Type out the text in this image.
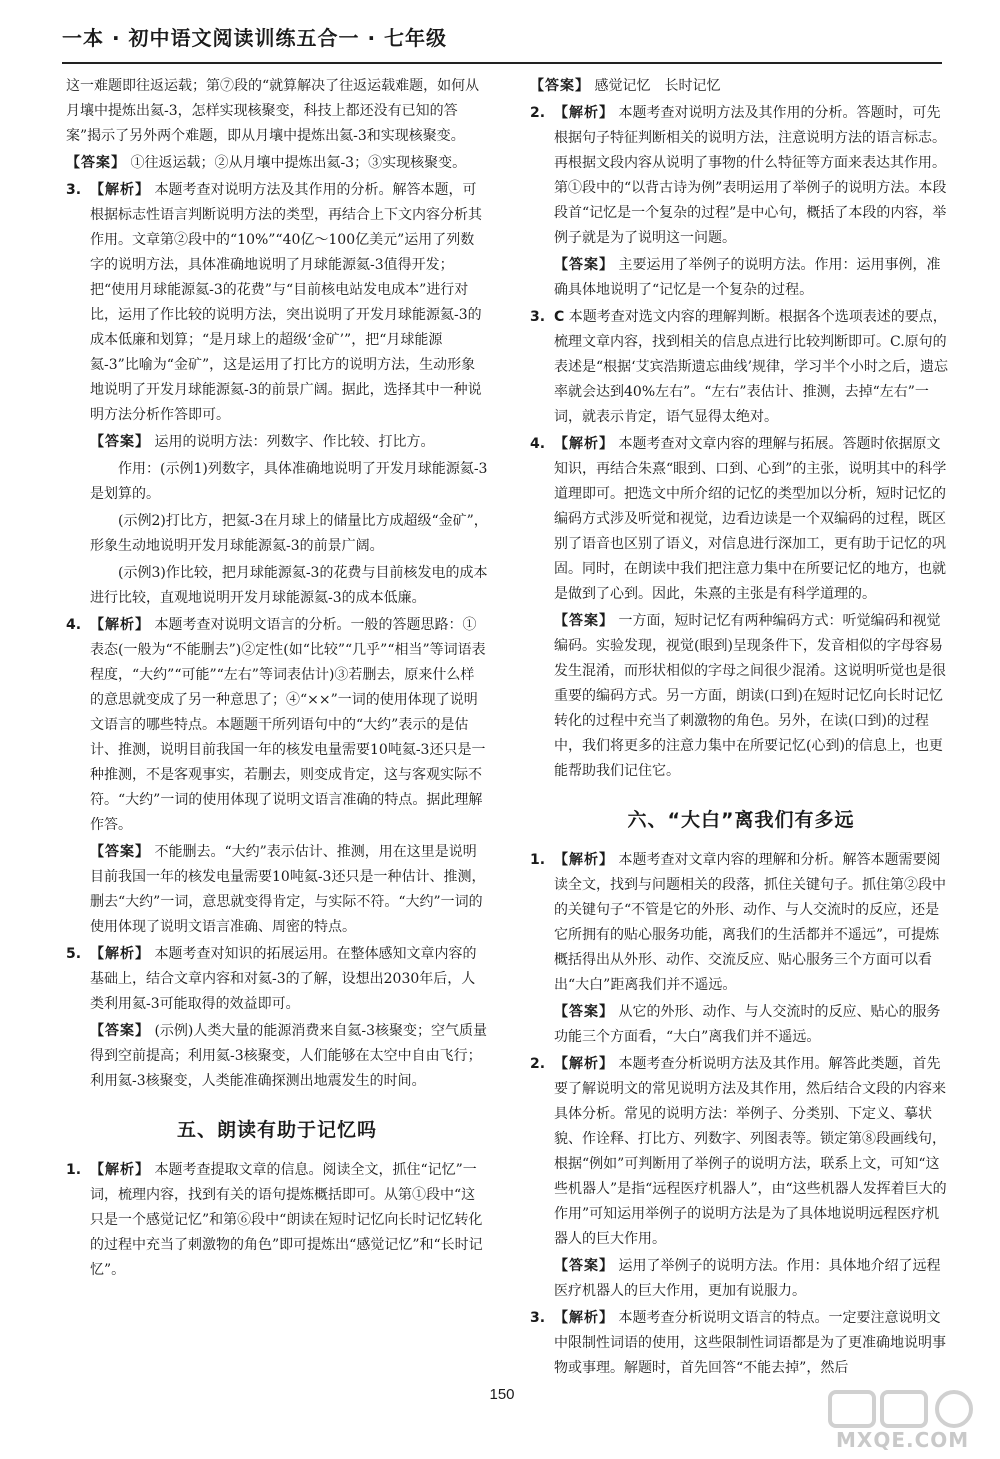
一本 · 初中语文阅读训练五合一 · 七年级

这一难题即往返运载；第⑦段的“就算解决了往返运载难题，如何从月壤中提炼出氦-3，怎样实现核聚变，科技上都还没有已知的答案”揭示了另外两个难题，即从月壤中提炼出氦-3和实现核聚变。

【 答案 】 ①往返运载；②从月壤中提炼出氦-3；③实现核聚变。

3.	【 解析 】 本题考查对说明方法及其作用的分析。解答本题，可根据标志性语言判断说明方法的类型，再结合上下文内容分析其作用。文章第②段中的“10%”“40亿～100亿美元”运用了列数字的说明方法，具体准确地说明了月球能源氦-3值得开发；把“使用月球能源氦-3的花费”与“目前核电站发电成本”进行对比，运用了作比较的说明方法，突出说明了开发月球能源氦-3的成本低廉和划算；“是月球上的超级‘金矿’”，把“月球能源氦-3”比喻为“金矿”，这是运用了打比方的说明方法，生动形象地说明了开发月球能源氦-3的前景广阔。据此，选择其中一种说明方法分析作答即可。

【 答案 】 运用的说明方法：列数字、作比较、打比方。

作用：(示例1)列数字，具体准确地说明了开发月球能源氦-3是划算的。

(示例2)打比方，把氦-3在月球上的储量比方成超级“金矿”，形象生动地说明开发月球能源氦-3的前景广阔。

(示例3)作比较，把月球能源氦-3的花费与目前核发电的成本进行比较，直观地说明开发月球能源氦-3的成本低廉。

4.	【 解析 】 本题考查对说明文语言的分析。一般的答题思路：①表态(一般为“不能删去”)②定性(如“比较”“几乎”“相当”等词语表程度，“大约”“可能”“左右”等词表估计)③若删去，原来什么样的意思就变成了另一种意思了；④“××”一词的使用体现了说明文语言的哪些特点。本题题干所列语句中的“大约”表示的是估计、推测，说明目前我国一年的核发电量需要10吨氦-3还只是一种推测，不是客观事实，若删去，则变成肯定，这与客观实际不符。“大约”一词的使用体现了说明文语言准确的特点。据此理解作答。

【 答案 】 不能删去。“大约”表示估计、推测，用在这里是说明目前我国一年的核发电量需要10吨氦-3还只是一种估计、推测，删去“大约”一词，意思就变得肯定，与实际不符。“大约”一词的使用体现了说明文语言准确、周密的特点。

5.	【 解析 】 本题考查对知识的拓展运用。在整体感知文章内容的基础上，结合文章内容和对氦-3的了解，设想出2030年后，人类利用氦-3可能取得的效益即可。

【 答案 】 (示例)人类大量的能源消费来自氦-3核聚变；空气质量得到空前提高；利用氦-3核聚变，人们能够在太空中自由飞行；利用氦-3核聚变，人类能准确探测出地震发生的时间。

五、朗读有助于记忆吗
1.	【 解析 】 本题考查提取文章的信息。阅读全文，抓住“记忆”一词，梳理内容，找到有关的语句提炼概括即可。从第①段中“这只是一个感觉记忆”和第⑥段中“朗读在短时记忆向长时记忆转化的过程中充当了刺激物的角色”即可提炼出“感觉记忆”和“长时记忆”。

【 答案 】 感觉记忆　长时记忆

2.	【 解析 】 本题考查对说明方法及其作用的分析。答题时，可先根据句子特征判断相关的说明方法，注意说明方法的语言标志。再根据文段内容从说明了事物的什么特征等方面来表达其作用。第①段中的“以背古诗为例”表明运用了举例子的说明方法。本段段首“记忆是一个复杂的过程”是中心句，概括了本段的内容，举例子就是为了说明这一问题。

【 答案 】 主要运用了举例子的说明方法。作用：运用事例，准确具体地说明了“记忆是一个复杂的过程。

3. C 本题考查对选文内容的理解判断。根据各个选项表述的要点，梳理文章内容，找到相关的信息点进行比较判断即可。C.原句的表述是“根据‘艾宾浩斯遗忘曲线’规律，学习半个小时之后，遗忘率就会达到40%左右”。“左右”表估计、推测，去掉“左右”一词，就表示肯定，语气显得太绝对。

4.	【 解析 】 本题考查对文章内容的理解与拓展。答题时依据原文知识，再结合朱熹“眼到、口到、心到”的主张，说明其中的科学道理即可。把选文中所介绍的记忆的类型加以分析，短时记忆的编码方式涉及听觉和视觉，边看边读是一个双编码的过程，既区别了语音也区别了语义，对信息进行深加工，更有助于记忆的巩固。同时，在朗读中我们把注意力集中在所要记忆的地方，也就是做到了心到。因此，朱熹的主张是有科学道理的。

【 答案 】 一方面，短时记忆有两种编码方式：听觉编码和视觉编码。实验发现，视觉(眼到)呈现条件下，发音相似的字母容易发生混淆，而形状相似的字母之间很少混淆。这说明听觉也是很重要的编码方式。另一方面，朗读(口到)在短时记忆向长时记忆转化的过程中充当了刺激物的角色。另外，在读(口到)的过程中，我们将更多的注意力集中在所要记忆(心到)的信息上，也更能帮助我们记住它。

六、“大白”离我们有多远
1.	【 解析 】 本题考查对文章内容的理解和分析。解答本题需要阅读全文，找到与问题相关的段落，抓住关键句子。抓住第②段中的关键句子“不管是它的外形、动作、与人交流时的反应，还是它所拥有的贴心服务功能，离我们的生活都并不遥远”，可提炼概括得出从外形、动作、交流反应、贴心服务三个方面可以看出“大白”距离我们并不遥远。

【 答案 】 从它的外形、动作、与人交流时的反应、贴心的服务功能三个方面看，“大白”离我们并不遥远。

2.	【 解析 】 本题考查分析说明方法及其作用。解答此类题，首先要了解说明文的常见说明方法及其作用，然后结合文段的内容来具体分析。常见的说明方法：举例子、分类别、下定义、摹状貌、作诠释、打比方、列数字、列图表等。锁定第⑧段画线句，根据“例如”可判断用了举例子的说明方法，联系上文，可知“这些机器人”是指“远程医疗机器人”，由“这些机器人发挥着巨大的作用”可知运用举例子的说明方法是为了具体地说明远程医疗机器人的巨大作用。

【 答案 】 运用了举例子的说明方法。作用：具体地介绍了远程医疗机器人的巨大作用，更加有说服力。

3.	【 解析 】 本题考查分析说明文语言的特点。一定要注意说明文中限制性词语的使用，这些限制性词语都是为了更准确地说明事物或事理。解题时，首先回答“不能去掉”，然后

150
MXQE.COM
